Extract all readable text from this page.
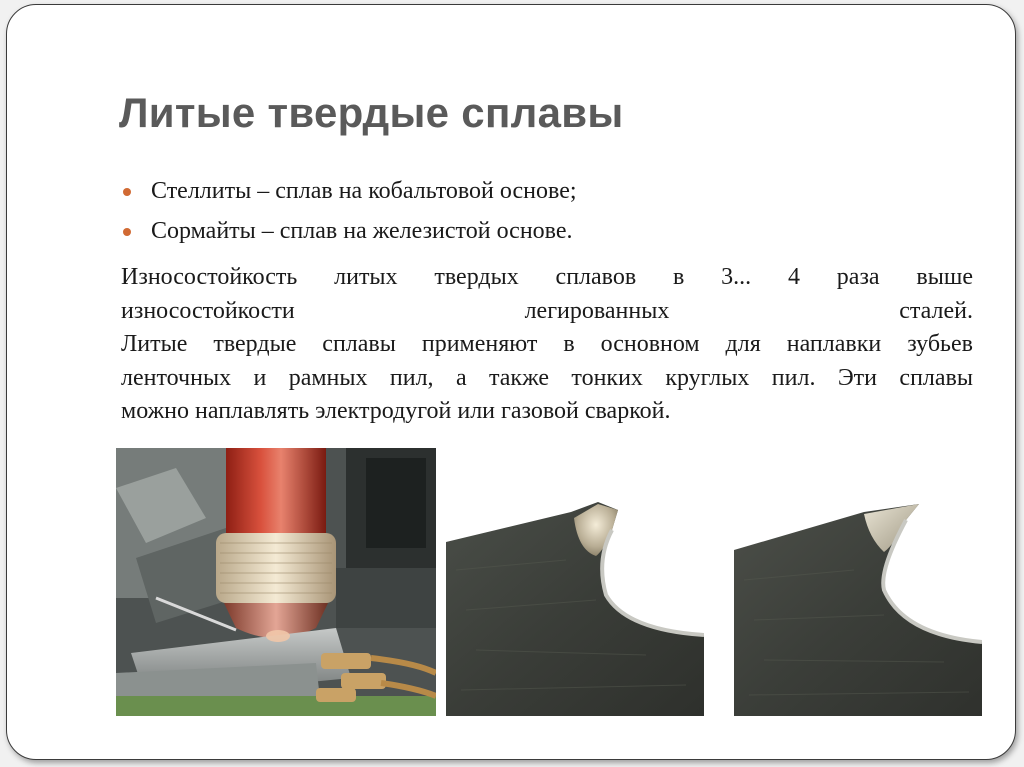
Литые твердые сплавы
Стеллиты – сплав на кобальтовой основе;
Сормайты – сплав на железистой основе.
Износостойкость литых твердых сплавов в 3... 4 раза выше
износостойкости легированных сталей.
Литые твердые сплавы применяют в основном для наплавки зубьев
ленточных и рамных пил, а также тонких круглых пил. Эти сплавы
можно наплавлять электродугой или газовой сваркой.
